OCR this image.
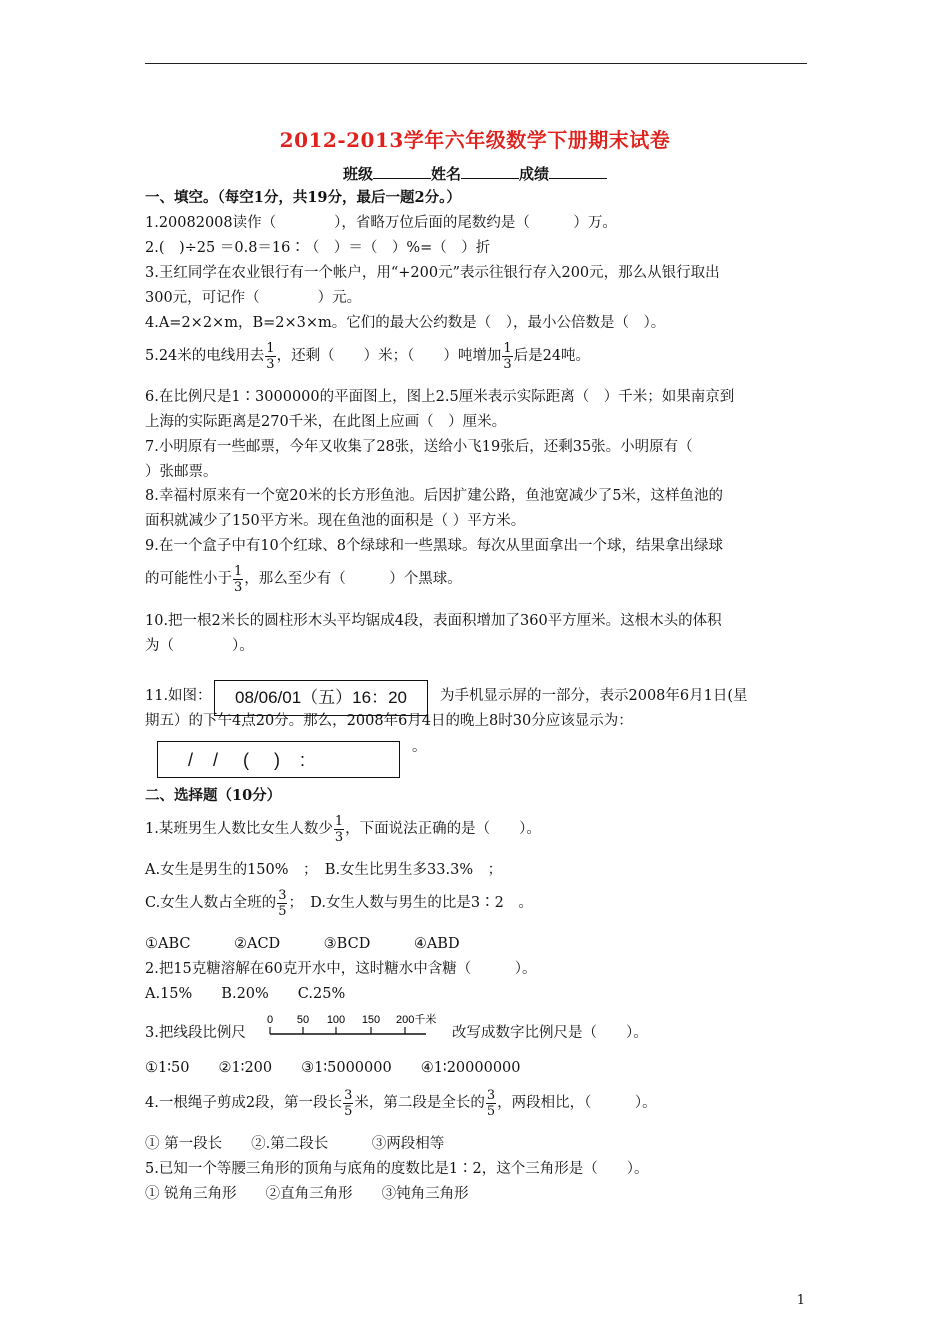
2012-2013学年六年级数学下册期末试卷
班级	姓名	成绩
一、填空。（每空1分，共19分，最后一题2分。）
1.20082008读作（　　　　），省略万位后面的尾数约是（　　　）万。
2.(　)÷25 ＝0.8＝16∶（　）＝（　）%=（　）折
3.王红同学在农业银行有一个帐户，用“+200元”表示往银行存入200元，那么从银行取出
300元，可记作（　　　　）元。
4.A=2×2×m，B=2×3×m。它们的最大公约数是（　），最小公倍数是（　）。
5.24米的电线用去 $\frac{1}{3}$ ，还剩（　　）米；（　　）吨增加 $\frac{1}{3}$ 后是24吨。
6.在比例尺是1∶3000000的平面图上，图上2.5厘米表示实际距离（　）千米；如果南京到
上海的实际距离是270千米，在此图上应画（　）厘米。
7.小明原有一些邮票，今年又收集了28张，送给小飞19张后，还剩35张。小明原有（
）张邮票。
8.幸福村原来有一个宽20米的长方形鱼池。后因扩建公路，鱼池宽减少了5米，这样鱼池的
面积就减少了150平方米。现在鱼池的面积是（ ）平方米。
9.在一个盒子中有10个红球、8个绿球和一些黑球。每次从里面拿出一个球，结果拿出绿球
的可能性小于 $\frac{1}{3}$ ，那么至少有（　　　）个黑球。
10.把一根2米长的圆柱形木头平均锯成4段，表面积增加了360平方厘米。这根木头的体积
为（　　　　）。
11.如图：	08/06/01（五）16：20	为手机显示屏的一部分，表示2008年6月1日(星
期五）的下午4点20分。那么，2008年6月4日的晚上8时30分应该显示为：
/    /     (     )    :
。
二、选择题（10分）
1.某班男生人数比女生人数少 $\frac{1}{3}$ ，下面说法正确的是（　　）。
A.女生是男生的150%　；　B.女生比男生多33.3%　；
C.女生人数占全班的 $\frac{3}{5}$ ；　D.女生人数与男生的比是3∶2　。
①ABC　　　②ACD　　　③BCD　　　④ABD
2.把15克糖溶解在60克开水中，这时糖水中含糖（　　　）。
A.15%　　B.20%　　C.25%
3.把线段比例尺
0 50 100 150 200千米
改写成数字比例尺是（　　）。
①1∶50　　②1∶200　　③1∶5000000　　④1∶20000000
4.一根绳子剪成2段，第一段长 $\frac{3}{5}$ 米，第二段是全长的 $\frac{3}{5}$ ，两段相比，（　　　）。
① 第一段长　　②.第二段长　　　③两段相等
5.已知一个等腰三角形的顶角与底角的度数比是1∶2，这个三角形是（　　）。
① 锐角三角形　　②直角三角形　　③钝角三角形
1
